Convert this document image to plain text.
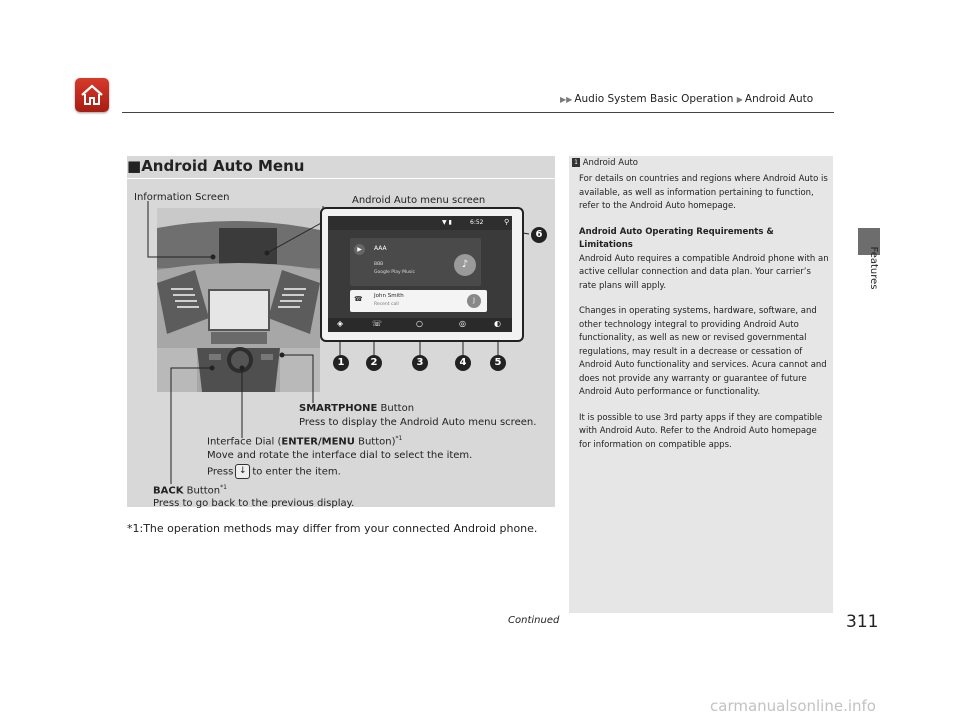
▶▶ Audio System Basic Operation ▶ Android Auto
Features
■Android Auto Menu
Information Screen	Android Auto menu screen
▼ ▮	6:52	⚲
▶	AAA
BBB
Google Play Music
♪
☎ John Smith
Recent call
J
◈	☏	○	◎	◐
1	2	3	4	5
6
SMARTPHONE Button
Press to display the Android Auto menu screen.
Interface Dial (ENTER/MENU Button)$^{*1}$
Move and rotate the interface dial to select the item.
Press ↓ to enter the item.
BACK Button$^{*1}$
Press to go back to the previous display.
*1:The operation methods may differ from your connected Android phone.
1 Android Auto

For details on countries and regions where Android Auto is available, as well as information pertaining to function, refer to the Android Auto homepage.

Android Auto Operating Requirements & Limitations

Android Auto requires a compatible Android phone with an active cellular connection and data plan. Your carrier’s rate plans will apply.

Changes in operating systems, hardware, software, and other technology integral to providing Android Auto functionality, as well as new or revised governmental regulations, may result in a decrease or cessation of Android Auto functionality and services. Acura cannot and does not provide any warranty or guarantee of future Android Auto performance or functionality.

It is possible to use 3rd party apps if they are compatible with Android Auto. Refer to the Android Auto homepage for information on compatible apps.

Continued	311
carmanualsonline.info
